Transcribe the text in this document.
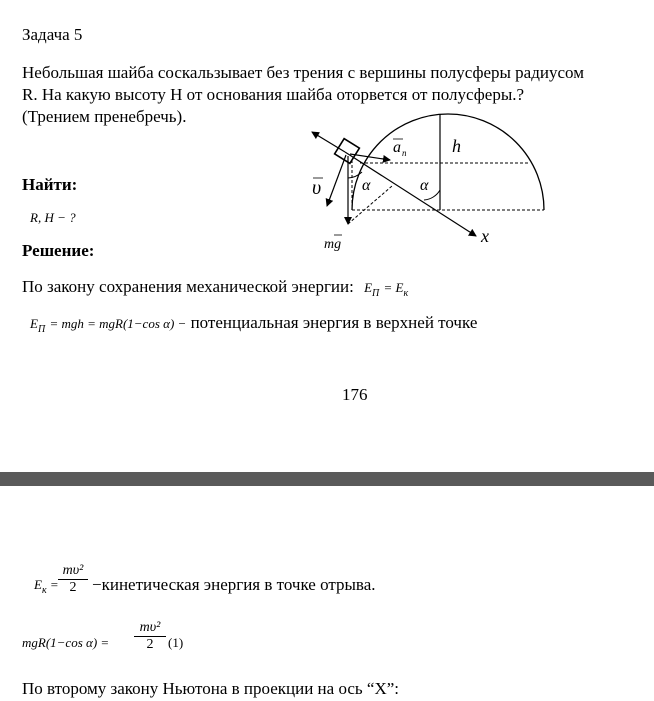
Задача 5
Небольшая шайба соскальзывает без трения с вершины полусферы радиусом
R. На какую высоту H от основания шайба оторвется от полусферы.?
(Трением пренебречь).
Найти:
R, H − ?
Решение:
По закону сохранения механической энергии: $E_П = E_к$
$E_П$ = mgh = mgR(1−cos α) − потенциальная энергия в верхней точке
176
$E_к = \frac{\text{mυ²}}{2}$ −кинетическая энергия в точке отрыва.
mgR(1−cos $\alpha) = \frac{\text{mυ²}}{2} (1)$
По второму закону Ньютона в проекции на ось “X”:
a n	h
α	α
υ
x
mg
